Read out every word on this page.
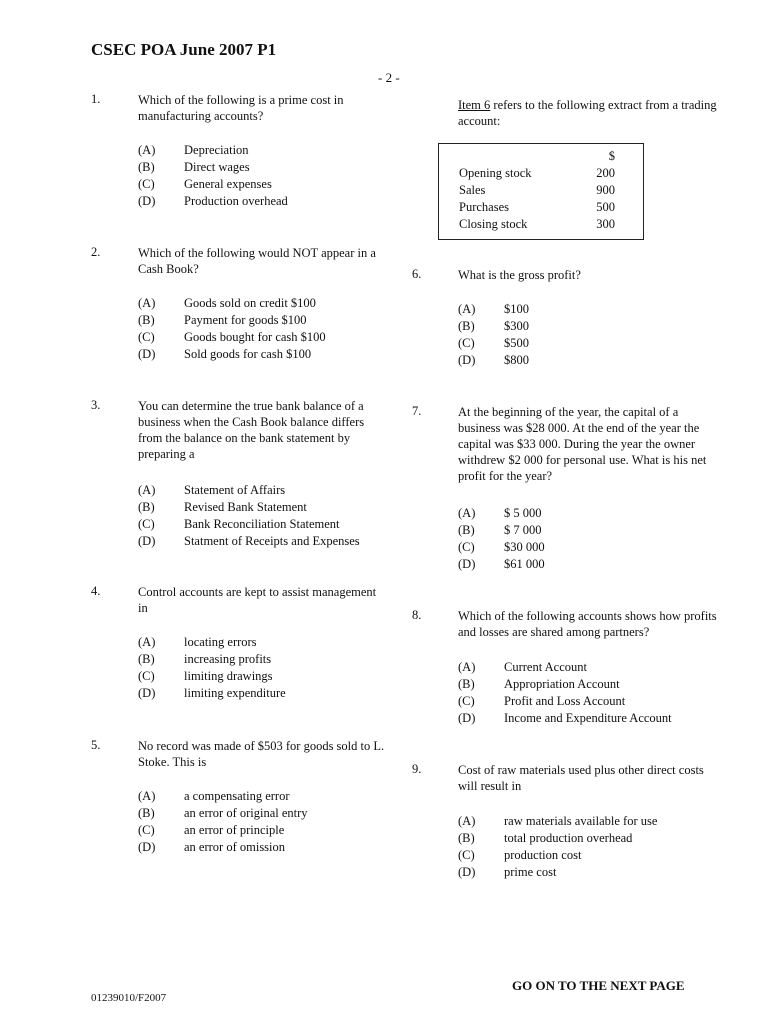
CSEC POA June 2007 P1
- 2 -
1.	Which of the following is a prime cost in manufacturing accounts?
(A) Depreciation
(B) Direct wages
(C) General expenses
(D) Production overhead
2.	Which of the following would NOT appear in a Cash Book?
(A) Goods sold on credit $100
(B) Payment for goods $100
(C) Goods bought for cash $100
(D) Sold goods for cash $100
3.	You can determine the true bank balance of a business when the Cash Book balance differs from the balance on the bank statement by preparing a
(A) Statement of Affairs
(B) Revised Bank Statement
(C) Bank Reconciliation Statement
(D) Statment of Receipts and Expenses
4.	Control accounts are kept to assist management in
(A) locating errors
(B) increasing profits
(C) limiting drawings
(D) limiting expenditure
5.	No record was made of $503 for goods sold to L. Stoke. This is
(A) a compensating error
(B) an error of original entry
(C) an error of principle
(D) an error of omission
Item 6 refers to the following extract from a trading account:
$
Opening stock	200
Sales	900
Purchases	500
Closing stock	300
6.	What is the gross profit?
(A) $100
(B) $300
(C) $500
(D) $800
7.	At the beginning of the year, the capital of a business was $28 000. At the end of the year the capital was $33 000. During the year the owner withdrew $2 000 for personal use. What is his net profit for the year?
(A) $ 5 000
(B) $ 7 000
(C) $30 000
(D) $61 000
8.	Which of the following accounts shows how profits and losses are shared among partners?
(A) Current Account
(B) Appropriation Account
(C) Profit and Loss Account
(D) Income and Expenditure Account
9.	Cost of raw materials used plus other direct costs will result in
(A) raw materials available for use
(B) total production overhead
(C) production cost
(D) prime cost
GO ON TO THE NEXT PAGE
01239010/F2007
